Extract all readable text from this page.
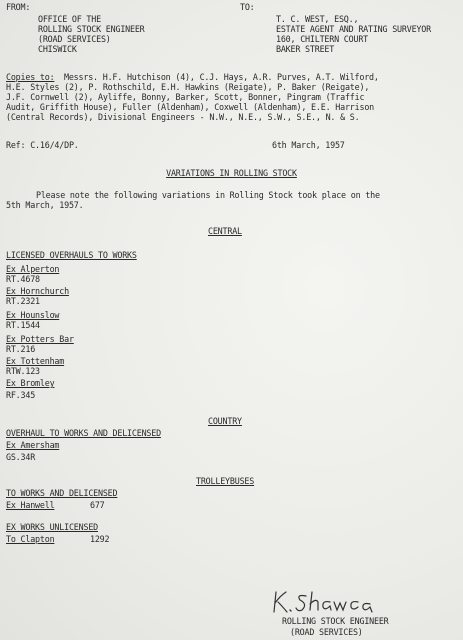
FROM:
OFFICE OF THE
ROLLING STOCK ENGINEER
(ROAD SERVICES)
CHISWICK
TO:
T. C. WEST, ESQ.,
ESTATE AGENT AND RATING SURVEYOR
160, CHILTERN COURT
BAKER STREET
Copies to: Messrs. H.F. Hutchison (4), C.J. Hays, A.R. Purves, A.T. Wilford,
H.E. Styles (2), P. Rothschild, E.H. Hawkins (Reigate), P. Baker (Reigate),
J.F. Cornwell (2), Ayliffe, Bonny, Barker, Scott, Bonner, Pingram (Traffic
Audit, Griffith House), Fuller (Aldenham), Coxwell (Aldenham), E.E. Harrison
(Central Records), Divisional Engineers - N.W., N.E., S.W., S.E., N. & S.
Ref: C.16/4/DP.	6th March, 1957
VARIATIONS IN ROLLING STOCK
Please note the following variations in Rolling Stock took place on the
5th March, 1957.
CENTRAL
LICENSED OVERHAULS TO WORKS
Ex Alperton
RT.4678
Ex Hornchurch
RT.2321
Ex Hounslow
RT.1544
Ex Potters Bar
RT.216
Ex Tottenham
RTW.123
Ex Bromley
RF.345
COUNTRY
OVERHAUL TO WORKS AND DELICENSED
Ex Amersham
GS.34R
TROLLEYBUSES
TO WORKS AND DELICENSED
Ex Hanwell	677
EX WORKS UNLICENSED
To Clapton	1292
ROLLING STOCK ENGINEER
(ROAD SERVICES)
